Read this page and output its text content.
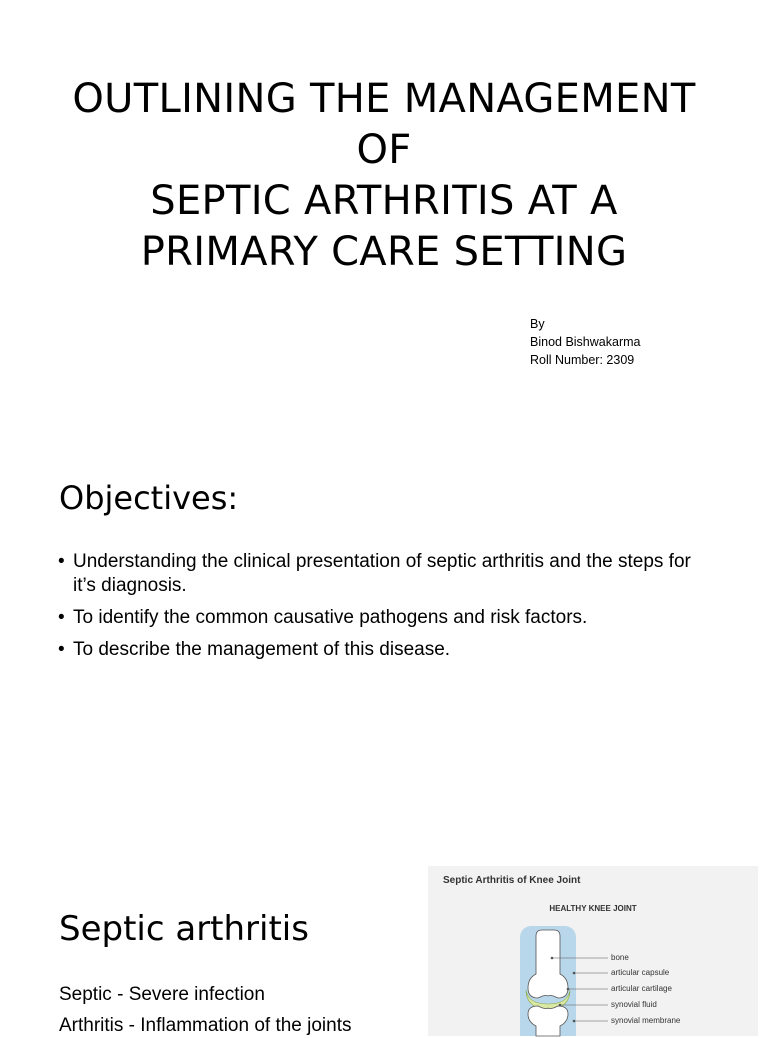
OUTLINING THE MANAGEMENT
OF
SEPTIC ARTHRITIS AT A
PRIMARY CARE SETTING
By
Binod Bishwakarma
Roll Number: 2309
Objectives:
• Understanding the clinical presentation of septic arthritis and the steps for it’s diagnosis.
• To identify the common causative pathogens and risk factors.
• To describe the management of this disease.
Septic arthritis
Septic - Severe infection
Arthritis - Inflammation of the joints
Septic Arthritis of Knee Joint
HEALTHY KNEE JOINT
bone
articular capsule
articular cartilage
synovial fluid
synovial membrane
